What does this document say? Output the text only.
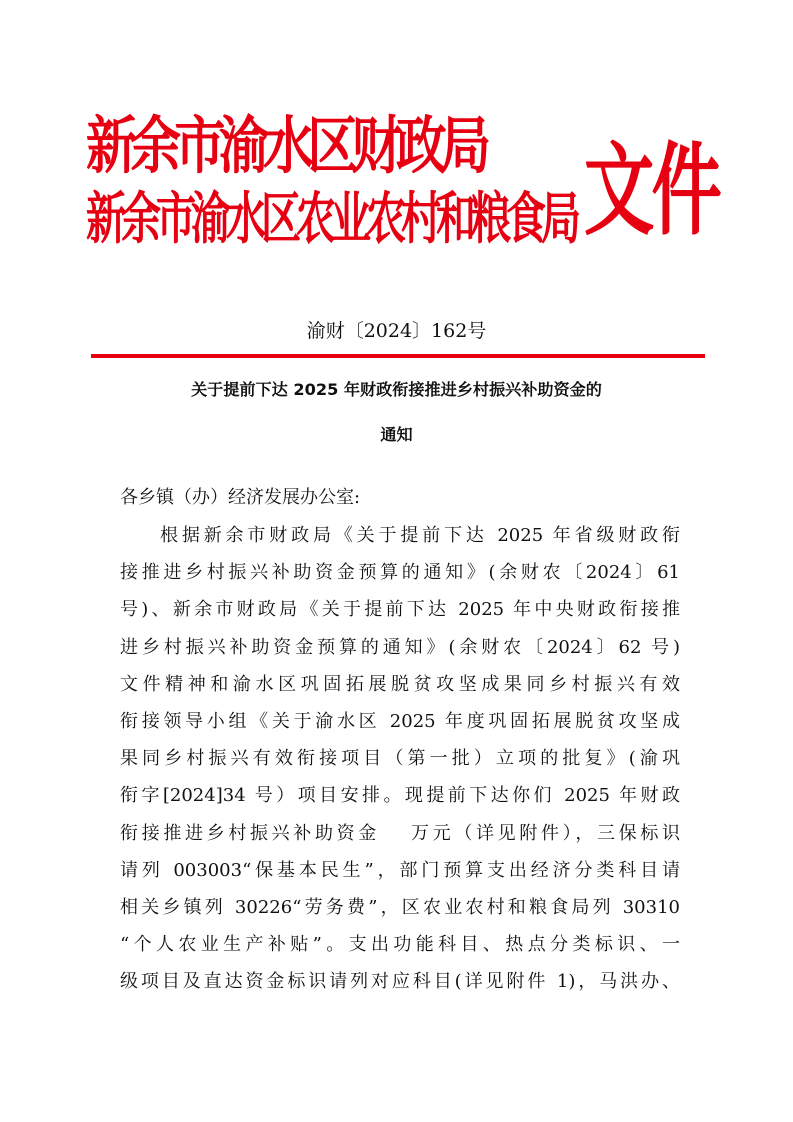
新余市渝水区财政局
新余市渝水区农业农村和粮食局 文件
渝财〔2024〕162号
关于提前下达 2025 年财政衔接推进乡村振兴补助资金的
通知
各乡镇（办）经济发展办公室:
根据新余市财政局《关于提前下达 2025 年省级财政衔
接推进乡村振兴补助资金预算的通知》(余财农〔2024〕61
号)、新余市财政局《关于提前下达 2025 年中央财政衔接推
进乡村振兴补助资金预算的通知》(余财农〔2024〕62 号)
文件精神和渝水区巩固拓展脱贫攻坚成果同乡村振兴有效
衔接领导小组《关于渝水区 2025 年度巩固拓展脱贫攻坚成
果同乡村振兴有效衔接项目（第一批）立项的批复》(渝巩
衔字[2024]34 号）项目安排。现提前下达你们 2025 年财政
衔接推进乡村振兴补助资金　 万元（详见附件），三保标识
请列 003003“保基本民生”，部门预算支出经济分类科目请
相关乡镇列 30226“劳务费”，区农业农村和粮食局列 30310
“个人农业生产补贴”。支出功能科目、热点分类标识、一
级项目及直达资金标识请列对应科目(详见附件 1)，马洪办、
